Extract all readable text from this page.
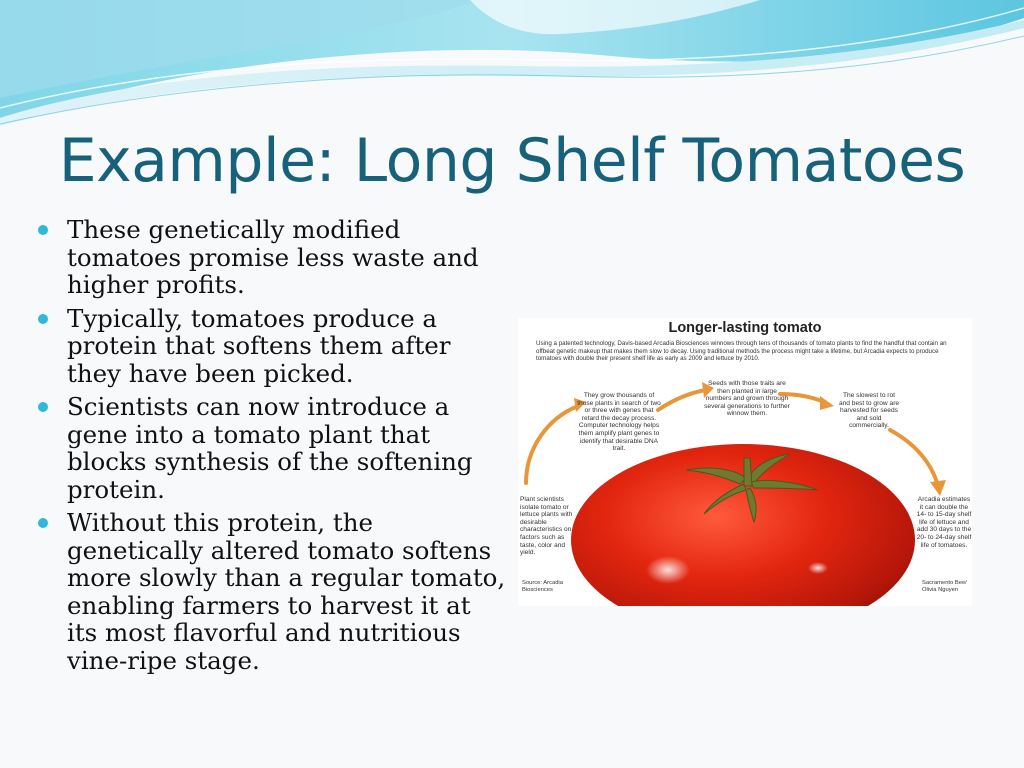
Example: Long Shelf Tomatoes
These genetically modified tomatoes promise less waste and higher profits.
Typically, tomatoes produce a protein that softens them after they have been picked.
Scientists can now introduce a gene into a tomato plant that blocks synthesis of the softening protein.
Without this protein, the genetically altered tomato softens more slowly than a regular tomato, enabling farmers to harvest it at its most flavorful and nutritious vine-ripe stage.
Longer-lasting tomato
Using a patented technology, Davis-based Arcadia Biosciences winnows through tens of thousands of tomato plants to find the handful that contain an offbeat genetic makeup that makes them slow to decay. Using traditional methods the process might take a lifetime, but Arcadia expects to produce tomatoes with double their present shelf life as early as 2009 and lettuce by 2010.
They grow thousands of those plants in search of two or three with genes that retard the decay process. Computer technology helps them amplify plant genes to identify that desirable DNA trait.
Seeds with those traits are then planted in large numbers and grown through several generations to further winnow them.
The slowest to rot and best to grow are harvested for seeds and sold commercially.
Plant scientists isolate tomato or lettuce plants with desirable characteristics on factors such as taste, color and yield.
Arcadia estimates it can double the 14- to 15-day shelf life of lettuce and add 30 days to the 20- to 24-day shelf life of tomatoes.
Source: Arcadia Biosciences
Sacramento Bee/ Olivia Nguyen
